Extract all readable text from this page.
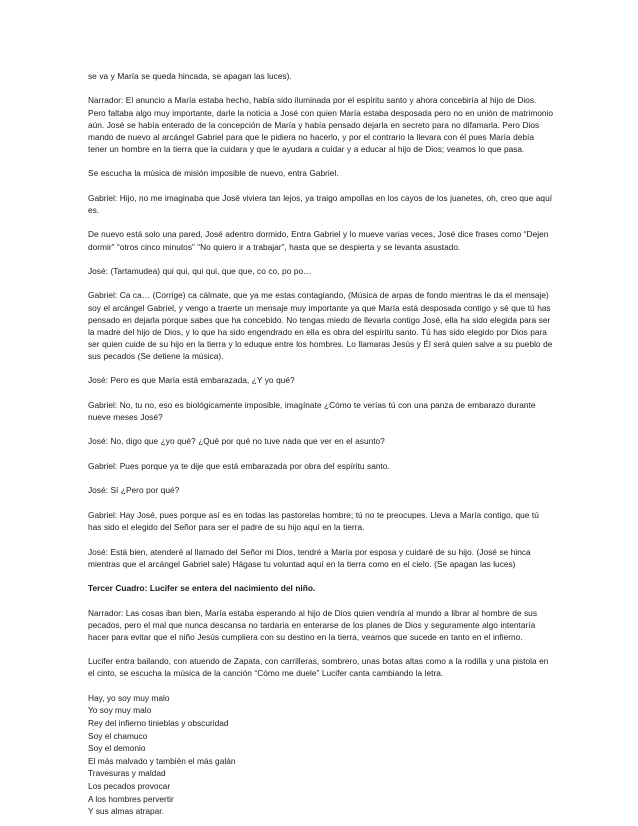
se va y María se queda hincada, se apagan las luces).

Narrador: El anuncio a María estaba hecho, había sido iluminada por el espíritu santo y ahora concebiría al hijo de Dios. Pero faltaba algo muy importante, darle la noticia a José con quien María estaba desposada pero no en unión de matrimonio aún. José se había enterado de la concepción de María y había pensado dejarla en secreto para no difamarla. Pero Dios mando de nuevo al arcángel Gabriel para que le pidiera no hacerlo, y por el contrario la llevara con él pues María debía tener un hombre en la tierra que la cuidara y que le ayudara a cuidar y a educar al hijo de Dios; veamos lo que pasa.

Se escucha la música de misión imposible de nuevo, entra Gabriel.

Gabriel: Hijo, no me imaginaba que José viviera tan lejos, ya traigo ampollas en los cayos de los juanetes, oh, creo que aquí es.

De nuevo está solo una pared, José adentro dormido, Entra Gabriel y lo mueve varias veces, José dice frases como “Dejen dormir” “otros cinco minutos” “No quiero ir a trabajar”, hasta que se despierta y se levanta asustado.

José: (Tartamudea) qui qui, qui qui, que que, co co, po po…

Gabriel: Ca ca… (Corrige) ca cálmate, que ya me estas contagiando, (Música de arpas de fondo mientras le da el mensaje) soy el arcángel Gabriel, y vengo a traerte un mensaje muy importante ya que María está desposada contigo y sé que tú has pensado en dejarla porque sabes que ha concebido. No tengas miedo de llevarla contigo José, ella ha sido elegida para ser la madre del hijo de Dios, y lo que ha sido engendrado en ella es obra del espíritu santo. Tú has sido elegido por Dios para ser quien cuide de su hijo en la tierra y lo eduque entre los hombres. Lo llamaras Jesús y Él será quien salve a su pueblo de sus pecados (Se detiene la música).

José: Pero es que María está embarazada, ¿Y yo qué?

Gabriel: No, tu no, eso es biológicamente imposible, imagínate ¿Cómo te verías tú con una panza de embarazo durante nueve meses José?

José: No, digo que ¿yo qué? ¿Qué por qué no tuve nada que ver en el asunto?

Gabriel: Pues porque ya te dije que está embarazada por obra del espíritu santo.

José: Sí ¿Pero por qué?

Gabriel: Hay José, pues porque así es en todas las pastorelas hombre; tú no te preocupes. Lleva a María contigo, que tú has sido el elegido del Señor para ser el padre de su hijo aquí en la tierra.

José: Está bien, atenderé al llamado del Señor mi Dios, tendré a María por esposa y cuidaré de su hijo. (José se hinca mientras que el arcángel Gabriel sale) Hágase tu voluntad aquí en la tierra como en el cielo. (Se apagan las luces)

Tercer Cuadro: Lucifer se entera del nacimiento del niño.

Narrador: Las cosas iban bien, María estaba esperando al hijo de Dios quien vendría al mundo a librar al hombre de sus pecados, pero el mal que nunca descansa no tardaría en enterarse de los planes de Dios y seguramente algo intentaría hacer para evitar que el niño Jesús cumpliera con su destino en la tierra, veamos que sucede en tanto en el infierno.

Lucifer entra bailando, con atuendo de Zapata, con carrilleras, sombrero, unas botas altas como a la rodilla y una pistola en el cinto, se escucha la música de la canción “Cómo me duele” Lucifer canta cambiando la letra.

Hay, yo soy muy malo
Yo soy muy malo
Rey del infierno tinieblas y obscuridad
Soy el chamuco
Soy el demonio
El más malvado y también el más galán
Travesuras y maldad
Los pecados provocar
A los hombres pervertir
Y sus almas atrapar.
